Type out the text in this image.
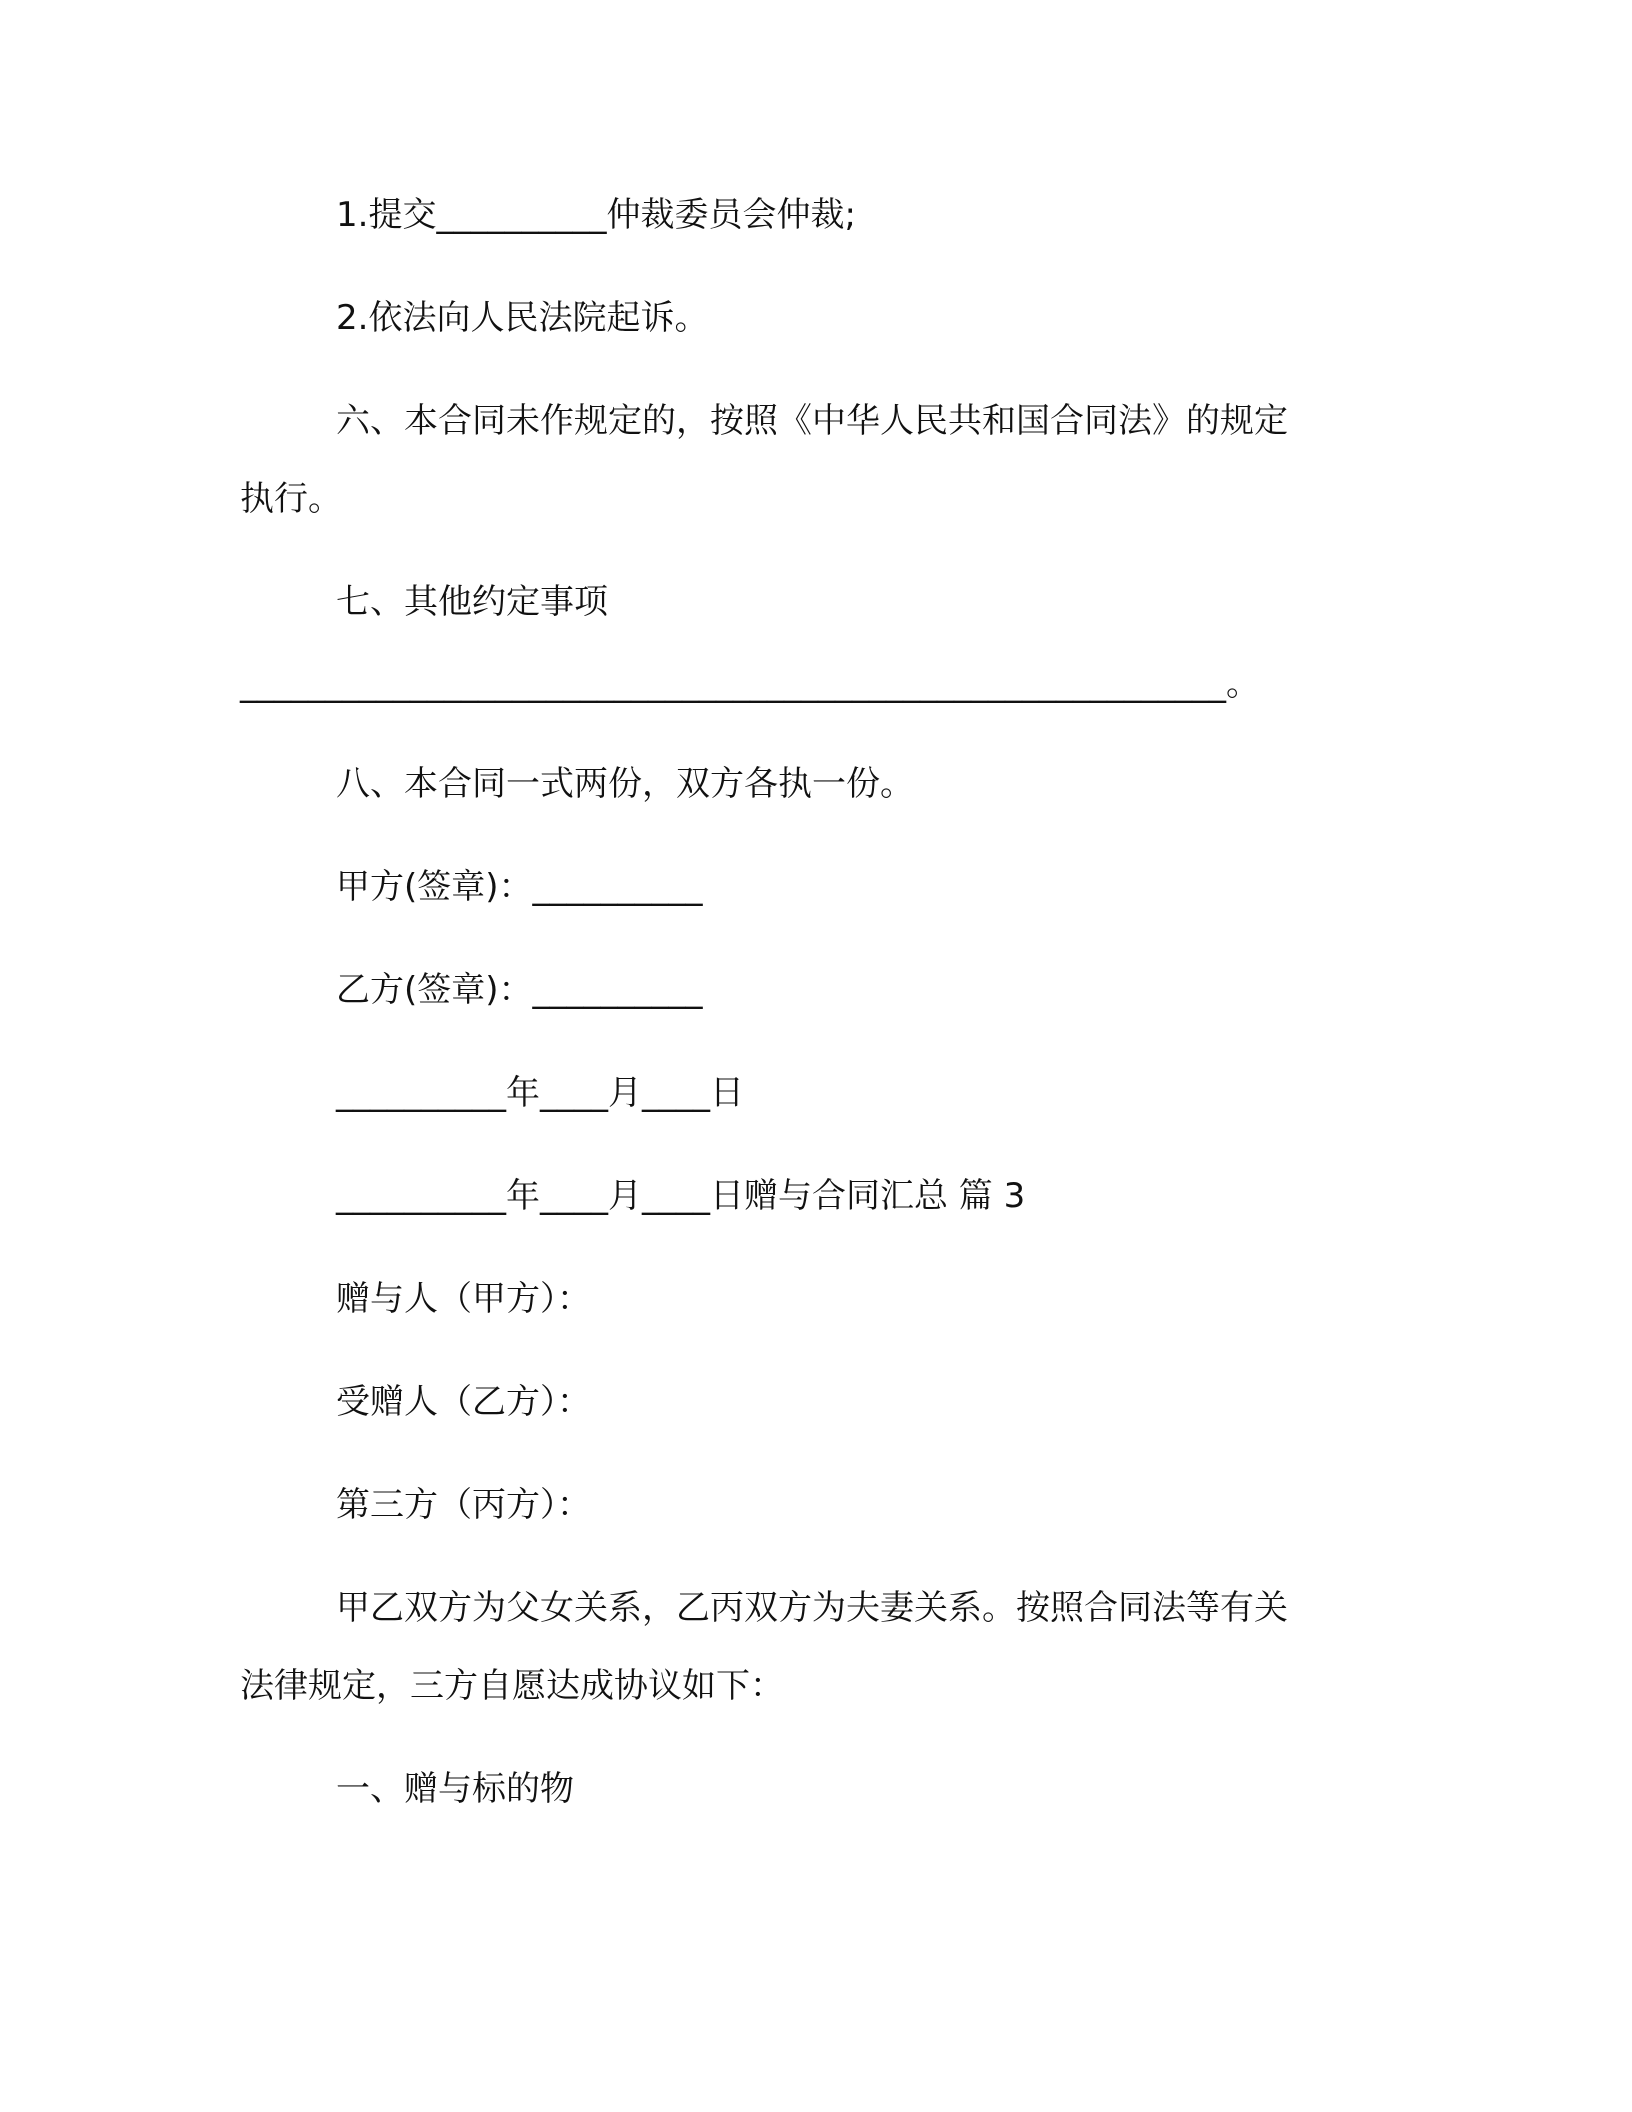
1.提交__________仲裁委员会仲裁;
2.依法向人民法院起诉。
六、本合同未作规定的，按照《中华人民共和国合同法》的规定
执行。
七、其他约定事项
__________________________________________________________。
八、本合同一式两份，双方各执一份。
甲方(签章)：__________
乙方(签章)：__________
__________年____月____日
__________年____月____日赠与合同汇总 篇 3
赠与人（甲方）：
受赠人（乙方）：
第三方（丙方）：
甲乙双方为父女关系，乙丙双方为夫妻关系。按照合同法等有关
法律规定，三方自愿达成协议如下：
一、赠与标的物
